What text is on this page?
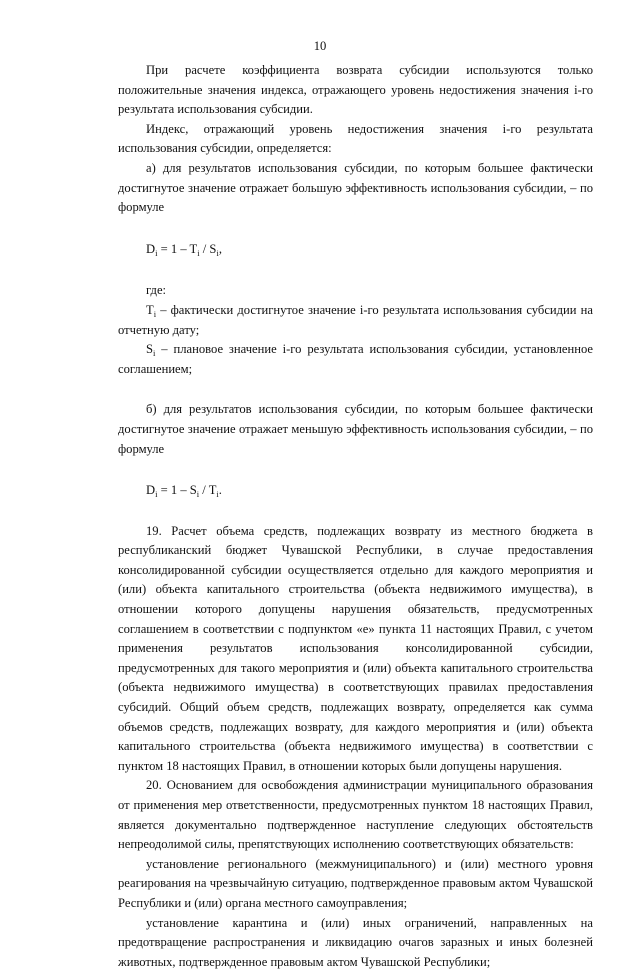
10

При расчете коэффициента возврата субсидии используются только положительные значения индекса, отражающего уровень недостижения значения i-го результата использования субсидии.

Индекс, отражающий уровень недостижения значения i-го результата использования субсидии, определяется:

а) для результатов использования субсидии, по которым большее фактически достигнутое значение отражает большую эффективность использования субсидии, – по формуле

$D_i = 1 - T_i / S_i$,

где:

$T_i$ – фактически достигнутое значение i-го результата использования субсидии на отчетную дату;

$S_i$ – плановое значение i-го результата использования субсидии, установленное соглашением;

б) для результатов использования субсидии, по которым большее фактически достигнутое значение отражает меньшую эффективность использования субсидии, – по формуле

$D_i = 1 - S_i / T_i$.

19. Расчет объема средств, подлежащих возврату из местного бюджета в республиканский бюджет Чувашской Республики, в случае предоставления консолидированной субсидии осуществляется отдельно для каждого мероприятия и (или) объекта капитального строительства (объекта недвижимого имущества), в отношении которого допущены нарушения обязательств, предусмотренных соглашением в соответствии с подпунктом «е» пункта 11 настоящих Правил, с учетом применения результатов использования консолидированной субсидии, предусмотренных для такого мероприятия и (или) объекта капитального строительства (объекта недвижимого имущества) в соответствующих правилах предоставления субсидий. Общий объем средств, подлежащих возврату, определяется как сумма объемов средств, подлежащих возврату, для каждого мероприятия и (или) объекта капитального строительства (объекта недвижимого имущества) в соответствии с пунктом 18 настоящих Правил, в отношении которых были допущены нарушения.

20. Основанием для освобождения администрации муниципального образования от применения мер ответственности, предусмотренных пунктом 18 настоящих Правил, является документально подтвержденное наступление следующих обстоятельств непреодолимой силы, препятствующих исполнению соответствующих обязательств:

установление регионального (межмуниципального) и (или) местного уровня реагирования на чрезвычайную ситуацию, подтвержденное правовым актом Чувашской Республики и (или) органа местного самоуправления;

установление карантина и (или) иных ограничений, направленных на предотвращение распространения и ликвидацию очагов заразных и иных болезней животных, подтвержденное правовым актом Чувашской Республики;
